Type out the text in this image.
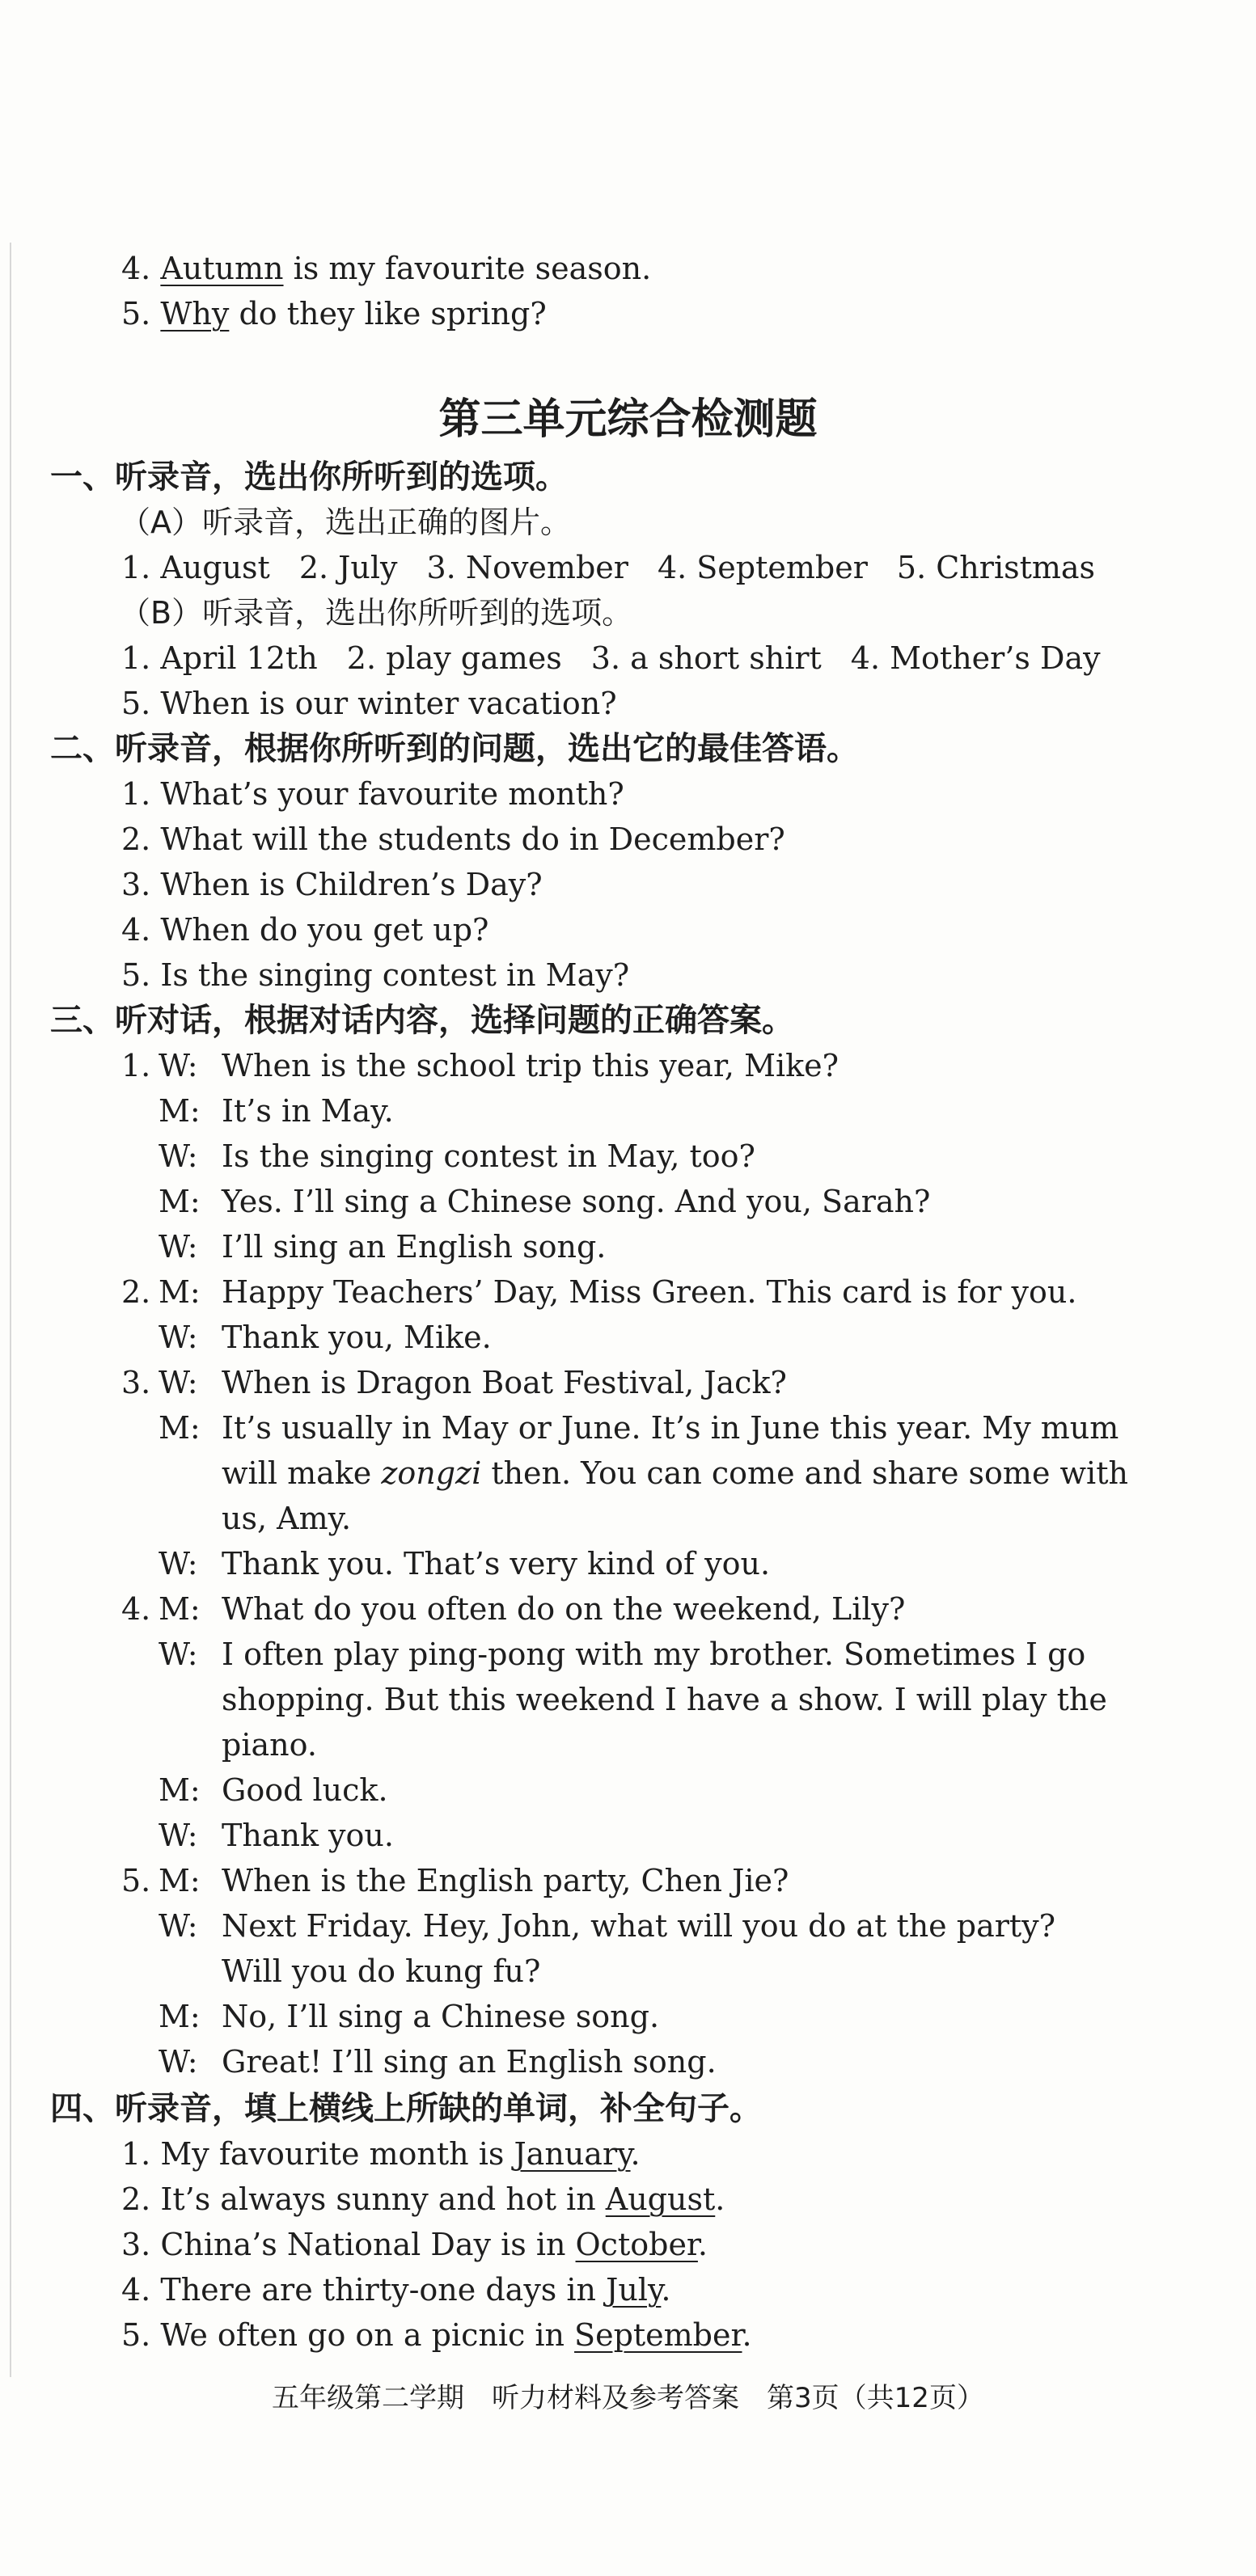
4. Autumn is my favourite season.
5. Why do they like spring?
第三单元综合检测题
一、听录音，选出你所听到的选项。
（A）听录音，选出正确的图片。
1. August 2. July 3. November 4. September 5. Christmas
（B）听录音，选出你所听到的选项。
1. April 12th 2. play games 3. a short shirt 4. Mother’s Day
5. When is our winter vacation?
二、听录音，根据你所听到的问题，选出它的最佳答语。
1. What’s your favourite month?
2. What will the students do in December?
3. When is Children’s Day?
4. When do you get up?
5. Is the singing contest in May?
三、听对话，根据对话内容，选择问题的正确答案。
1. W: When is the school trip this year, Mike?
M: It’s in May.
W: Is the singing contest in May, too?
M: Yes. I’ll sing a Chinese song. And you, Sarah?
W: I’ll sing an English song.
2. M: Happy Teachers’ Day, Miss Green. This card is for you.
W: Thank you, Mike.
3. W: When is Dragon Boat Festival, Jack?
M: It’s usually in May or June. It’s in June this year. My mum
will make zongzi then. You can come and share some with
us, Amy.
W: Thank you. That’s very kind of you.
4. M: What do you often do on the weekend, Lily?
W: I often play ping-pong with my brother. Sometimes I go
shopping. But this weekend I have a show. I will play the
piano.
M: Good luck.
W: Thank you.
5. M: When is the English party, Chen Jie?
W: Next Friday. Hey, John, what will you do at the party?
Will you do kung fu?
M: No, I’ll sing a Chinese song.
W: Great! I’ll sing an English song.
四、听录音，填上横线上所缺的单词，补全句子。
1. My favourite month is January.
2. It’s always sunny and hot in August.
3. China’s National Day is in October.
4. There are thirty-one days in July.
5. We often go on a picnic in September.
五年级第二学期　听力材料及参考答案　第3页（共12页）
